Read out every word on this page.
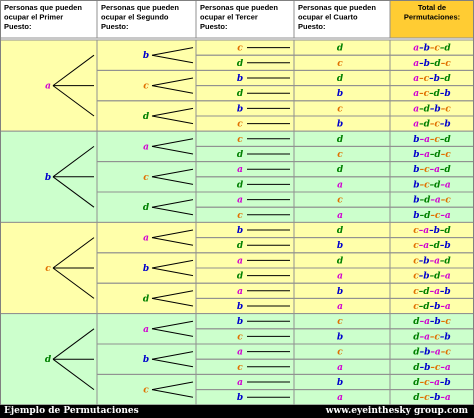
Personas que pueden
ocupar el Primer
Puesto:
Personas que pueden
ocupar el Segundo
Puesto:
Personas que pueden
ocupar el Tercer
Puesto:
Personas que pueden
ocupar el Cuarto
Puesto:
Total de
Permutaciones:
a
b
c	d	a–b–c–d
d	c	a–b–d–c
c
b	d	a–c–b–d
d	b	a–c–d–b
d
b	c	a–d–b–c
c	b	a–d–c–b
b
a
c	d	b–a–c–d
d	c	b–a–d–c
c
a	d	b–c–a–d
d	a	b–c–d–a
d
a	c	b–d–a–c
c	a	b–d–c–a
c
a
b	d	c–a–b–d
d	b	c–a–d–b
b
a	d	c–b–a–d
d	a	c–b–d–a
d
a	b	c–d–a–b
b	a	c–d–b–a
d
a
b	c	d–a–b–c
c	b	d–a–c–b
b
a	c	d–b–a–c
c	a	d–b–c–a
c
a	b	d–c–a–b
b	a	d–c–b–a
Ejemplo de Permutaciones	www.eyeinthesky group.com
